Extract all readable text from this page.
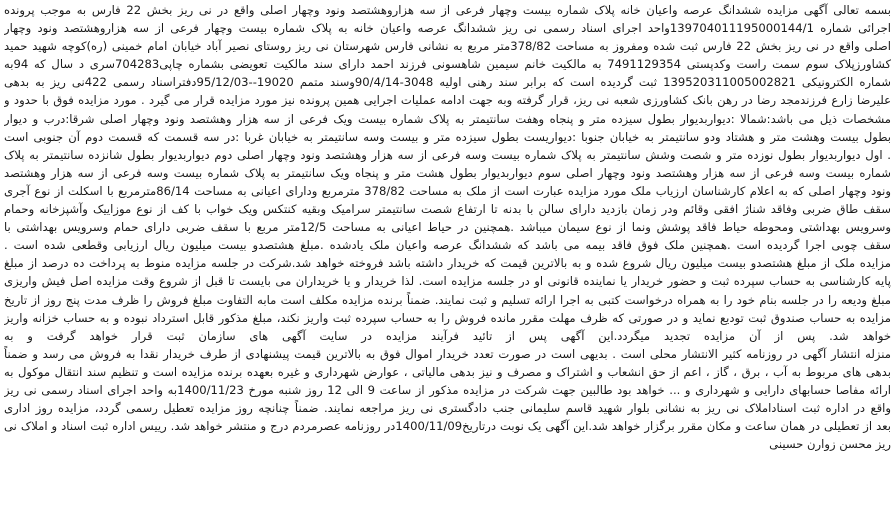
بسمه تعالی آگهی مزایده ششدانگ عرصه واعیان خانه پلاک شماره بیست وچهار فرعی از سه هزاروهشتصد ونود وچهار اصلی واقع در نی ریز بخش 22 فارس به موجب پرونده
اجرائی شماره 139704011195000144/1واحد اجرای اسناد رسمی نی ریز ششدانگ عرصه واعیان خانه به پلاک شماره بیست وچهار فرعی از سه هزاروهشتصد ونود وچهار
اصلی واقع در نی ریز بخش 22 فارس ثبت شده ومفروز به مساحت 378/82متر مربع به نشانی فارس شهرستان نی ریز روستای نصیر آباد خیابان امام خمینی (ره)کوچه شهید حمید
کشاورزپلاک سوم سمت راست وکدپستی 7491129354 به مالکیت خانم سیمین شاهسونی فرزند احمد دارای سند مالکیت تعویضی بشماره چاپی704283سری د سال که 94به
شماره الکترونیکی 139520311005002821 ثبت گردیده است که برابر سند رهنی اولیه 3048-90/4/14وسند متمم 19020--95/12/03دفتراسناد رسمی 422نی ریز به بدهی
علیرضا زارع فرزندمجد رضا در رهن بانک کشاورزی شعبه نی ریز، قرار گرفته وبه جهت ادامه عملیات اجرایی همین پرونده نیز مورد مزایده قرار می گیرد . مورد مزایده فوق با حدود و
مشخصات ذیل می باشد:شمالا :دیواربدیوار بطول سیزده متر و پنجاه وهفت سانتیمتر به پلاک شماره بیست ویک فرعی از سه هزار وهشتصد ونود وچهار اصلی شرقا:درب و دیوار
بطول بیست وهشت متر و هشتاد ودو سانتیمتر به خیابان جنوبا :دیواریست بطول سیزده متر و بیست وسه سانتیمتر به خیابان غربا :در سه قسمت که قسمت دوم آن جنوبی است
. اول دیواربدیوار بطول نوزده متر و شصت وشش سانتیمتر به پلاک شماره بیست وسه فرعی از سه هزار وهشتصد ونود وچهار اصلی دوم دیواربدیوار بطول شانزده سانتیمتر به پلاک
شماره بیست وسه فرعی از سه هزار وهشتصد ونود وچهار اصلی سوم دیواربدیوار بطول هشت متر و پنجاه ویک سانتیمتر به پلاک شماره بیست وسه فرعی از سه هزار وهشتصد
ونود وچهار اصلی که به اعلام کارشناسان ارزیاب ملک مورد مزایده عبارت است از ملک به مساحت 378/82 مترمربع ودارای اعیانی به مساحت 86/14مترمربع با اسکلت از نوع آجری
سقف طاق ضربی وفاقد شناژ افقی وقائم ودر زمان بازدید دارای سالن با بدنه تا ارتفاع شصت سانتیمتر سرامیک وبقیه کنتکس ویک خواب با کف از نوع موزاییک وآشپزخانه وحمام
وسرویس بهداشتی ومحوطه حیاط فاقد پوشش ونما از نوع سیمان میباشد .همچنین در حیاط اعیانی به مساحت 12/5متر مربع با سقف ضربی دارای حمام وسرویس بهداشتی با
سقف چوبی اجرا گردیده است .همچنین ملک فوق فاقد بیمه می باشد که ششدانگ عرصه واعیان ملک یادشده .مبلغ هشتصدو بیست میلیون ریال ارزیابی وقطعی شده است .
مزایده ملک از مبلغ هشتصدو بیست میلیون ریال شروع شده و به بالاترین قیمت که خریدار داشته باشد فروخته خواهد شد.شرکت در جلسه مزایده منوط به پرداخت ده درصد از مبلغ
پایه کارشناسی به حساب سپرده ثبت و حضور خریدار یا نماینده قانونی او در جلسه مزایده است. لذا خریدار و یا خریداران می بایست تا قبل از شروع وقت مزایده اصل فیش واریزی
مبلغ ودیعه را در جلسه بنام خود را به همراه درخواست کتبی به اجرا ارائه تسلیم و ثبت نمایند. ضمناً برنده مزایده مکلف است مابه التفاوت مبلغ فروش را ظرف مدت پنج روز از تاریخ
مزایده به حساب صندوق ثبت تودیع نماید و در صورتی که ظرف مهلت مقرر مانده فروش را به حساب سپرده ثبت واریز نکند، مبلغ مذکور قابل استرداد نبوده و به حساب خزانه واریز
خواهد شد. پس از آن مزایده تجدید میگردد.این آگهی پس از تائید فرآیند مزایده در سایت آگهی های سازمان ثبت قرار خواهد گرفت و به
منزله انتشار آگهی در روزنامه کثیر الانتشار محلی است . بدیهی است در صورت تعدد خریدار اموال فوق به بالاترین قیمت پیشنهادی از طرف خریدار نقدا به فروش می رسد و ضمناً
بدهی های مربوط به آب ، برق ، گاز ، اعم از حق انشعاب و اشتراک و مصرف و نیز بدهی مالیاتی ، عوارض شهرداری و غیره بعهده برنده مزایده است و تنظیم سند انتقال موکول به
ارائه مفاصا حسابهای دارایی و شهرداری و ... خواهد بود طالبین جهت شرکت در مزایده مذکور از ساعت 9 الی 12 روز شنبه مورخ 1400/11/23به واحد اجرای اسناد رسمی نی ریز
واقع در اداره ثبت اسناداملاک نی ریز به نشانی بلوار شهید قاسم سلیمانی جنب دادگستری نی ریز مراجعه نمایند. ضمناً چنانچه روز مزایده تعطیل رسمی گردد، مزایده روز اداری
بعد از تعطیلی در همان ساعت و مکان مقرر برگزار خواهد شد.این آگهی یک نوبت درتاریخ1400/11/09در روزنامه عصرمردم درج و منتشر خواهد شد. رییس اداره ثبت اسناد و املاک نی
ریز محسن زوارن حسینی
